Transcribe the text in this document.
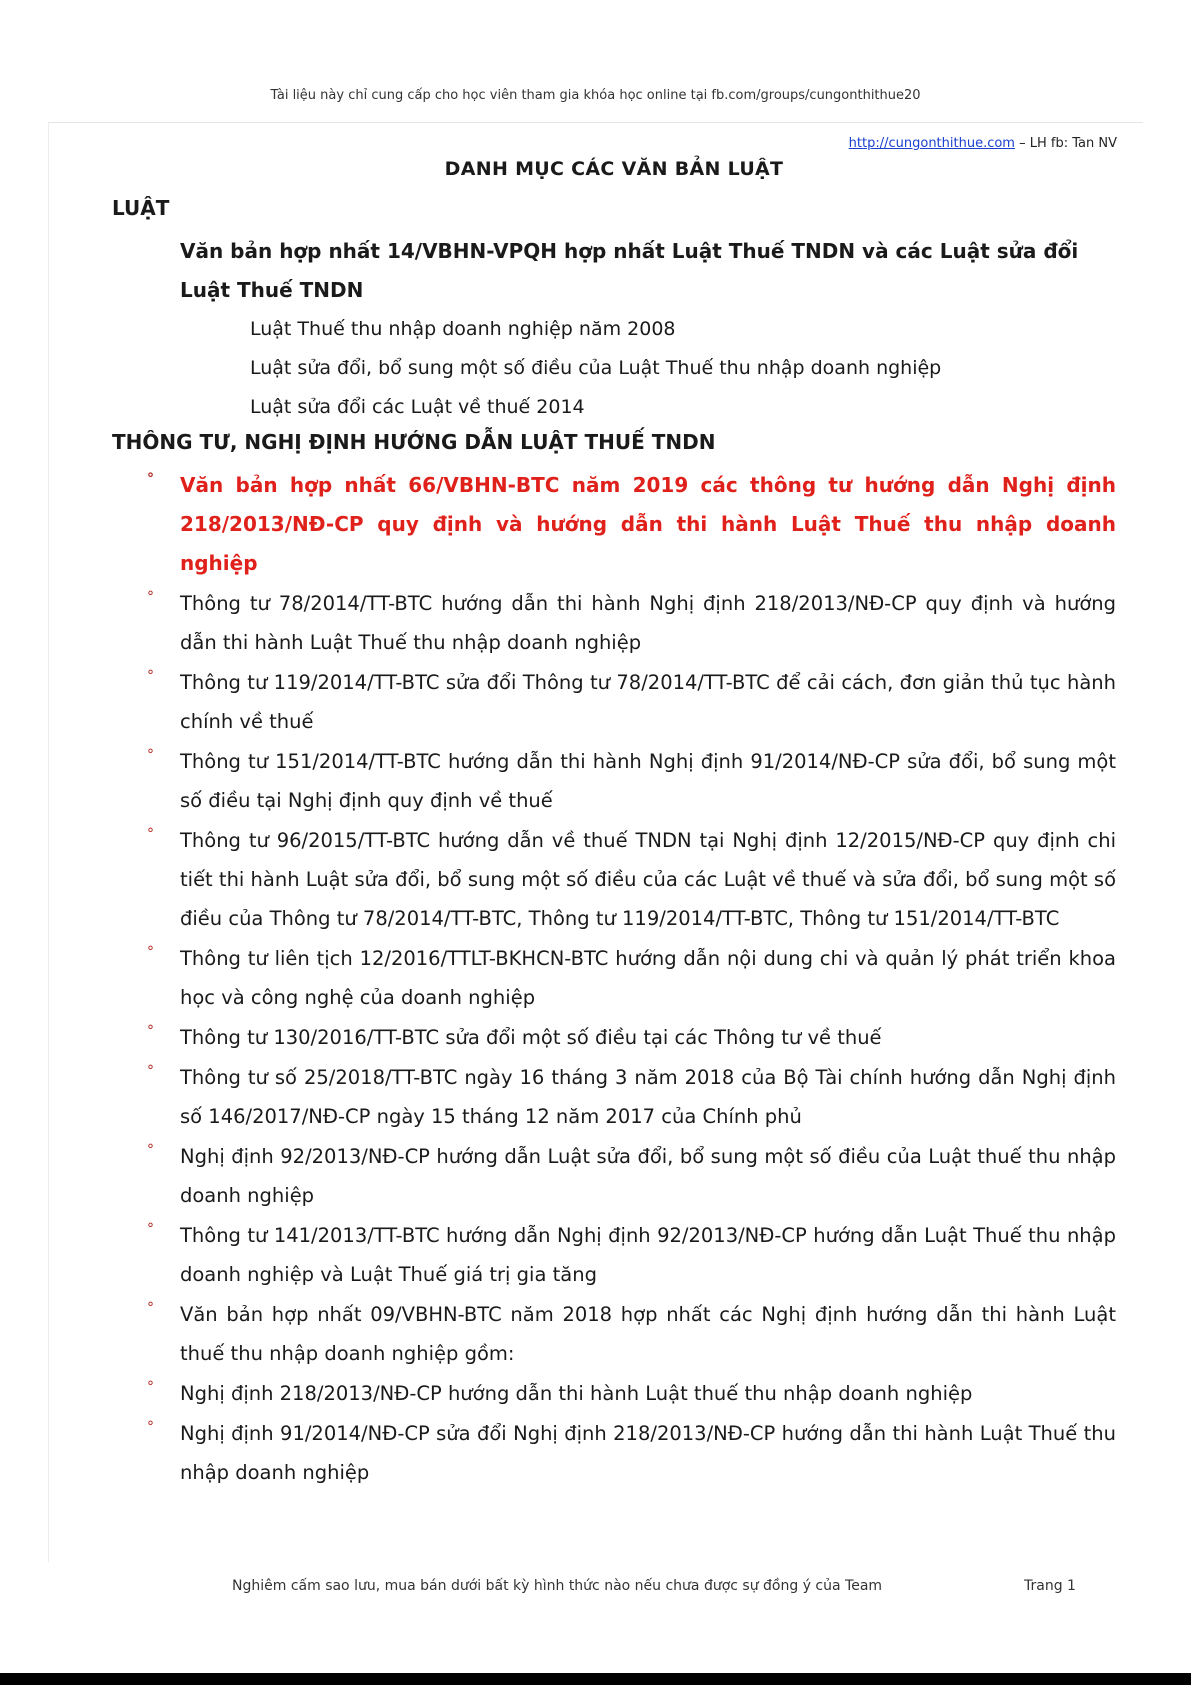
Tài liệu này chỉ cung cấp cho học viên tham gia khóa học online tại fb.com/groups/cungonthithue20
http://cungonthithue.com – LH fb: Tan NV
DANH MỤC CÁC VĂN BẢN LUẬT
LUẬT
Văn bản hợp nhất 14/VBHN-VPQH hợp nhất Luật Thuế TNDN và các Luật sửa đổi Luật Thuế TNDN
Luật Thuế thu nhập doanh nghiệp năm 2008
Luật sửa đổi, bổ sung một số điều của Luật Thuế thu nhập doanh nghiệp
Luật sửa đổi các Luật về thuế 2014
THÔNG TƯ, NGHỊ ĐỊNH HƯỚNG DẪN LUẬT THUẾ TNDN
° Văn bản hợp nhất 66/VBHN-BTC năm 2019 các thông tư hướng dẫn Nghị định 218/2013/NĐ-CP quy định và hướng dẫn thi hành Luật Thuế thu nhập doanh nghiệp
° Thông tư 78/2014/TT-BTC hướng dẫn thi hành Nghị định 218/2013/NĐ-CP quy định và hướng dẫn thi hành Luật Thuế thu nhập doanh nghiệp
° Thông tư 119/2014/TT-BTC sửa đổi Thông tư 78/2014/TT-BTC để cải cách, đơn giản thủ tục hành chính về thuế
° Thông tư 151/2014/TT-BTC hướng dẫn thi hành Nghị định 91/2014/NĐ-CP sửa đổi, bổ sung một số điều tại Nghị định quy định về thuế
° Thông tư 96/2015/TT-BTC hướng dẫn về thuế TNDN tại Nghị định 12/2015/NĐ-CP quy định chi tiết thi hành Luật sửa đổi, bổ sung một số điều của các Luật về thuế và sửa đổi, bổ sung một số điều của Thông tư 78/2014/TT-BTC, Thông tư 119/2014/TT-BTC, Thông tư 151/2014/TT-BTC
° Thông tư liên tịch 12/2016/TTLT-BKHCN-BTC hướng dẫn nội dung chi và quản lý phát triển khoa học và công nghệ của doanh nghiệp
° Thông tư 130/2016/TT-BTC sửa đổi một số điều tại các Thông tư về thuế
° Thông tư số 25/2018/TT-BTC ngày 16 tháng 3 năm 2018 của Bộ Tài chính hướng dẫn Nghị định số 146/2017/NĐ-CP ngày 15 tháng 12 năm 2017 của Chính phủ
° Nghị định 92/2013/NĐ-CP hướng dẫn Luật sửa đổi, bổ sung một số điều của Luật thuế thu nhập doanh nghiệp
° Thông tư 141/2013/TT-BTC hướng dẫn Nghị định 92/2013/NĐ-CP hướng dẫn Luật Thuế thu nhập doanh nghiệp và Luật Thuế giá trị gia tăng
° Văn bản hợp nhất 09/VBHN-BTC năm 2018 hợp nhất các Nghị định hướng dẫn thi hành Luật thuế thu nhập doanh nghiệp gồm:
° Nghị định 218/2013/NĐ-CP hướng dẫn thi hành Luật thuế thu nhập doanh nghiệp
° Nghị định 91/2014/NĐ-CP sửa đổi Nghị định 218/2013/NĐ-CP hướng dẫn thi hành Luật Thuế thu nhập doanh nghiệp
Nghiêm cấm sao lưu, mua bán dưới bất kỳ hình thức nào nếu chưa được sự đồng ý của Team	Trang 1
